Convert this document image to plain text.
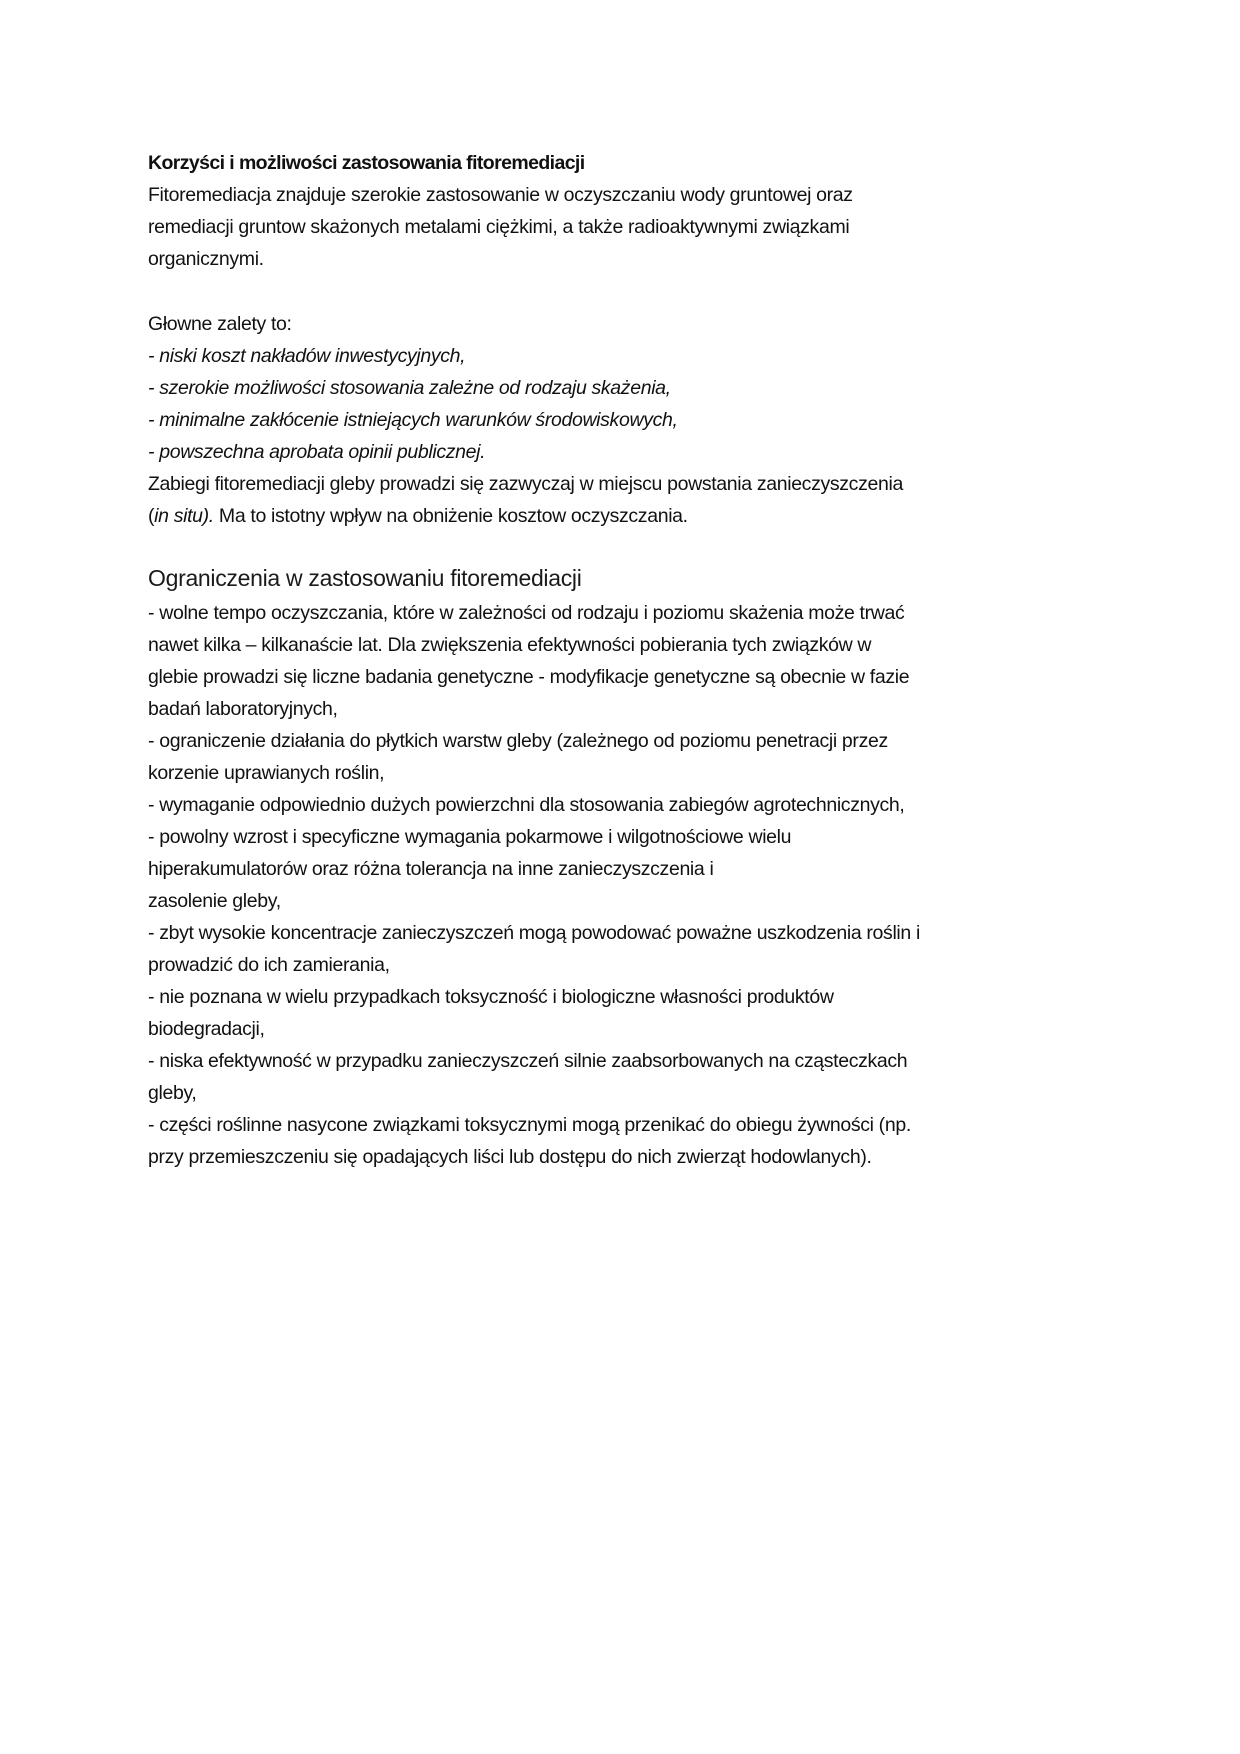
Korzyści i możliwości zastosowania fitoremediacji
Fitoremediacja znajduje szerokie zastosowanie w oczyszczaniu wody gruntowej oraz
remediacji gruntow skażonych metalami ciężkimi, a także radioaktywnymi związkami
organicznymi.
Głowne zalety to:
- niski koszt nakładów inwestycyjnych,
- szerokie możliwości stosowania zależne od rodzaju skażenia,
- minimalne zakłócenie istniejących warunków środowiskowych,
- powszechna aprobata opinii publicznej.
Zabiegi fitoremediacji gleby prowadzi się zazwyczaj w miejscu powstania zanieczyszczenia
(in situ). Ma to istotny wpływ na obniżenie kosztow oczyszczania.
Ograniczenia w zastosowaniu fitoremediacji
- wolne tempo oczyszczania, które w zależności od rodzaju i poziomu skażenia może trwać
nawet kilka – kilkanaście lat. Dla zwiększenia efektywności pobierania tych związków w
glebie prowadzi się liczne badania genetyczne - modyfikacje genetyczne są obecnie w fazie
badań laboratoryjnych,
- ograniczenie działania do płytkich warstw gleby (zależnego od poziomu penetracji przez
korzenie uprawianych roślin,
- wymaganie odpowiednio dużych powierzchni dla stosowania zabiegów agrotechnicznych,
- powolny wzrost i specyficzne wymagania pokarmowe i wilgotnościowe wielu
hiperakumulatorów oraz różna tolerancja na inne zanieczyszczenia i
zasolenie gleby,
- zbyt wysokie koncentracje zanieczyszczeń mogą powodować poważne uszkodzenia roślin i
prowadzić do ich zamierania,
- nie poznana w wielu przypadkach toksyczność i biologiczne własności produktów
biodegradacji,
- niska efektywność w przypadku zanieczyszczeń silnie zaabsorbowanych na cząsteczkach
gleby,
- części roślinne nasycone związkami toksycznymi mogą przenikać do obiegu żywności (np.
przy przemieszczeniu się opadających liści lub dostępu do nich zwierząt hodowlanych).
